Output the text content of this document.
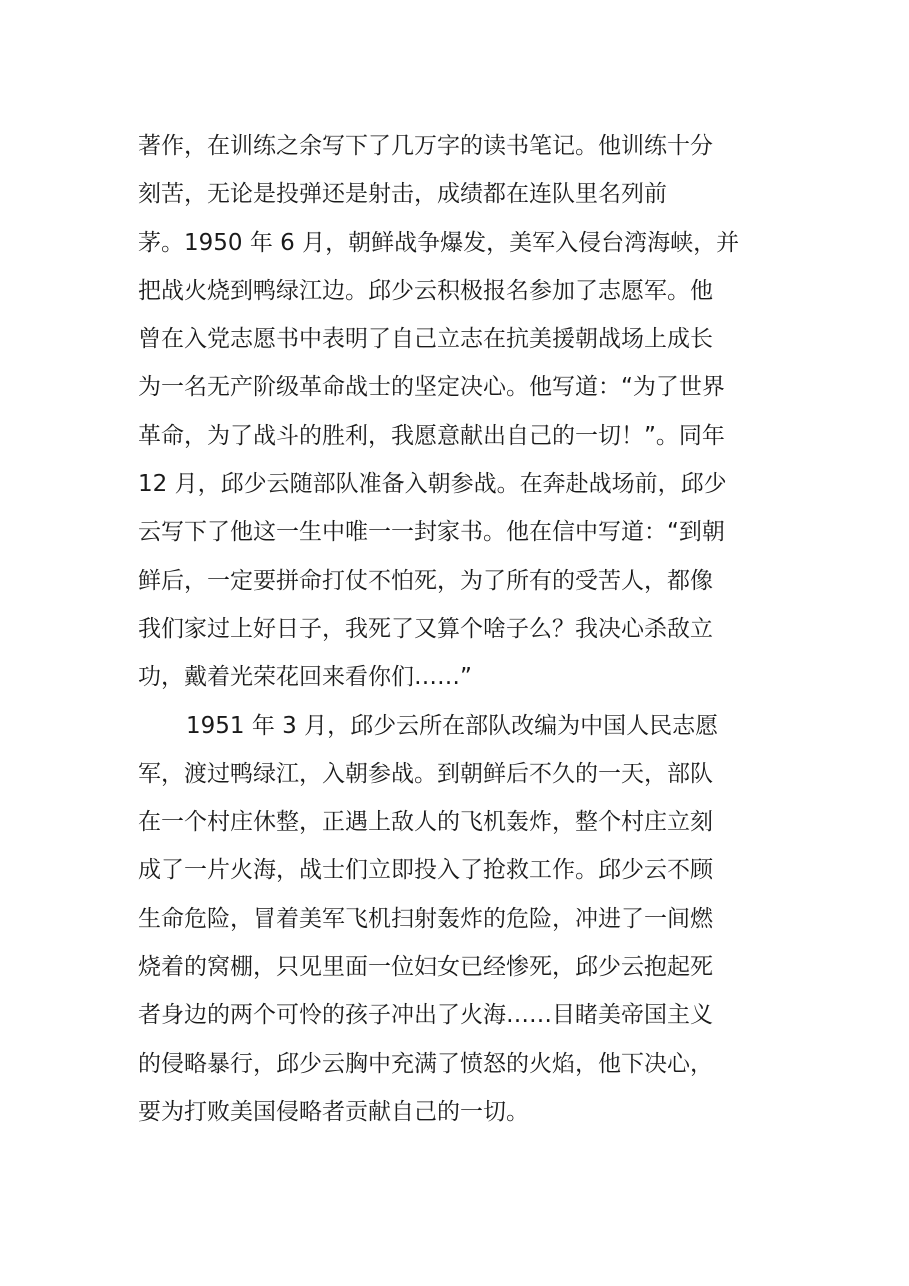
著作，在训练之余写下了几万字的读书笔记。他训练十分
刻苦，无论是投弹还是射击，成绩都在连队里名列前
茅。1950 年 6 月，朝鲜战争爆发，美军入侵台湾海峡，并
把战火烧到鸭绿江边。邱少云积极报名参加了志愿军。他
曾在入党志愿书中表明了自己立志在抗美援朝战场上成长
为一名无产阶级革命战士的坚定决心。他写道：“为了世界
革命，为了战斗的胜利，我愿意献出自己的一切！”。同年
12 月，邱少云随部队准备入朝参战。在奔赴战场前，邱少
云写下了他这一生中唯一一封家书。他在信中写道：“到朝
鲜后，一定要拼命打仗不怕死，为了所有的受苦人，都像
我们家过上好日子，我死了又算个啥子么？我决心杀敌立
功，戴着光荣花回来看你们……”
1951 年 3 月，邱少云所在部队改编为中国人民志愿
军，渡过鸭绿江，入朝参战。到朝鲜后不久的一天，部队
在一个村庄休整，正遇上敌人的飞机轰炸，整个村庄立刻
成了一片火海，战士们立即投入了抢救工作。邱少云不顾
生命危险，冒着美军飞机扫射轰炸的危险，冲进了一间燃
烧着的窝棚，只见里面一位妇女已经惨死，邱少云抱起死
者身边的两个可怜的孩子冲出了火海……目睹美帝国主义
的侵略暴行，邱少云胸中充满了愤怒的火焰，他下决心，
要为打败美国侵略者贡献自己的一切。
